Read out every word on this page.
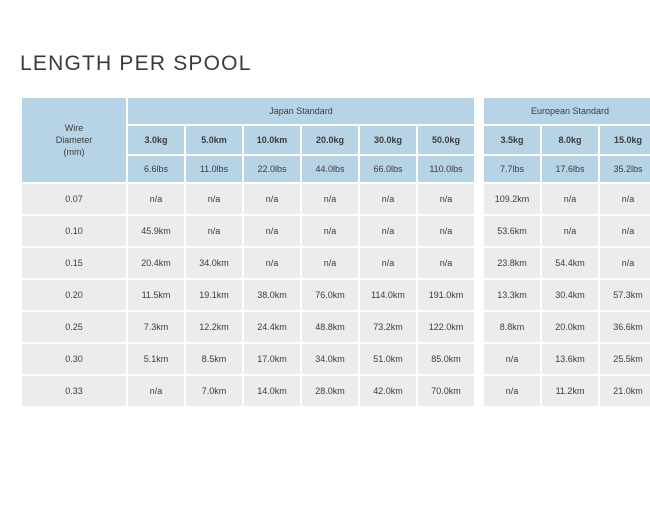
LENGTH PER SPOOL
Wire
Diameter
(mm)	Japan Standard							European Standard		
	3.0kg	5.0km	10.0km	20.0kg	30.0kg	50.0kg		3.5kg	8.0kg	15.0kg
	6.6lbs	11.0lbs	22.0lbs	44.0lbs	66.0lbs	110.0lbs		7.7lbs	17.6lbs	35.2lbs
0.07	n/a	n/a	n/a	n/a	n/a	n/a		109.2km	n/a	n/a
0.10	45.9km	n/a	n/a	n/a	n/a	n/a		53.6km	n/a	n/a
0.15	20.4km	34.0km	n/a	n/a	n/a	n/a		23.8km	54.4km	n/a
0.20	11.5km	19.1km	38.0km	76.0km	114.0km	191.0km		13.3km	30.4km	57.3km
0.25	7.3km	12.2km	24.4km	48.8km	73.2km	122.0km		8.8km	20.0km	36.6km
0.30	5.1km	8.5km	17.0km	34.0km	51.0km	85.0km		n/a	13.6km	25.5km
0.33	n/a	7.0km	14.0km	28.0km	42.0km	70.0km		n/a	11.2km	21.0km
